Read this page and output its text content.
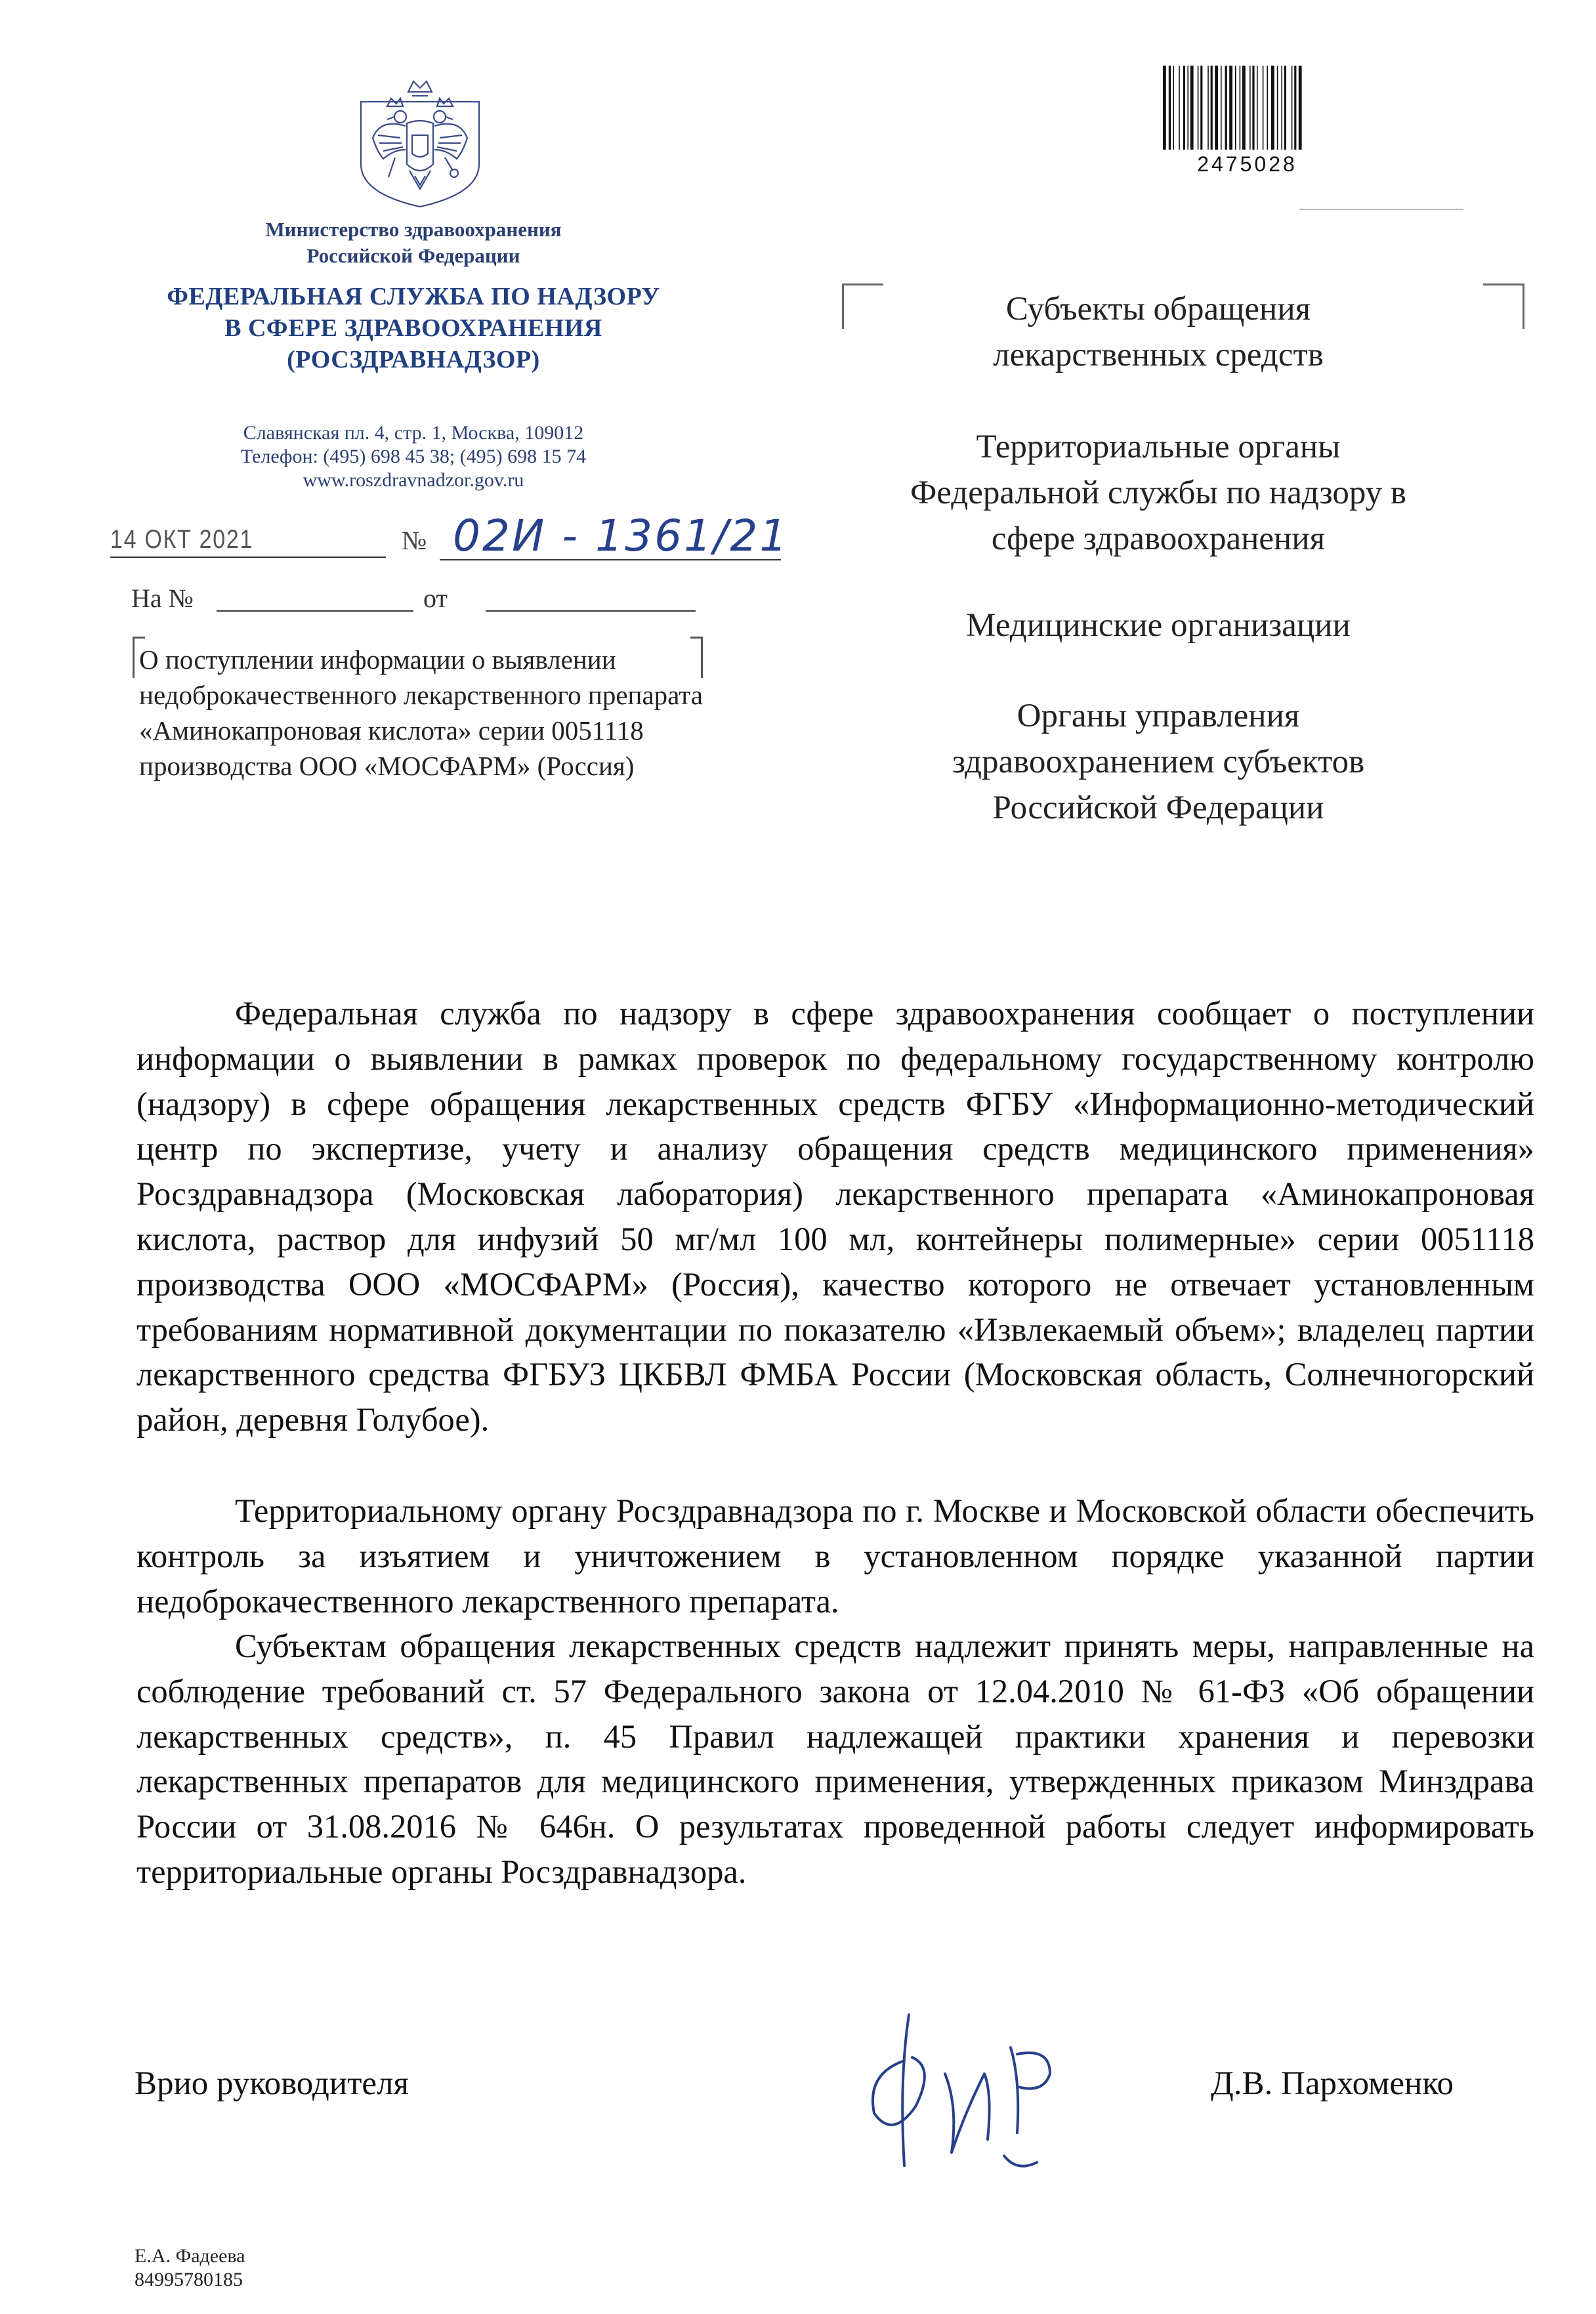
Министерство здравоохранения
Российской Федерации
ФЕДЕРАЛЬНАЯ СЛУЖБА ПО НАДЗОРУ
В СФЕРЕ ЗДРАВООХРАНЕНИЯ
(РОСЗДРАВНАДЗОР)
Славянская пл. 4, стр. 1, Москва, 109012
Телефон: (495) 698 45 38; (495) 698 15 74
www.roszdravnadzor.gov.ru
14 ОКТ 2021	№ 02И - 1361/21
На №	от
О поступлении информации о выявлении
недоброкачественного лекарственного препарата
«Аминокапроновая кислота» серии 0051118
производства ООО «МОСФАРМ» (Россия)
2475028
Субъекты обращения
лекарственных средств
Территориальные органы
Федеральной службы по надзору в
сфере здравоохранения
Медицинские организации
Органы управления
здравоохранением субъектов
Российской Федерации
Федеральная служба по надзору в сфере здравоохранения сообщает о поступлении информации о выявлении в рамках проверок по федеральному государственному контролю (надзору) в сфере обращения лекарственных средств ФГБУ «Информационно-методический центр по экспертизе, учету и анализу обращения средств медицинского применения» Росздравнадзора (Московская лаборатория) лекарственного препарата «Аминокапроновая кислота, раствор для инфузий 50 мг/мл 100 мл, контейнеры полимерные» серии 0051118 производства ООО «МОСФАРМ» (Россия), качество которого не отвечает установленным требованиям нормативной документации по показателю «Извлекаемый объем»; владелец партии лекарственного средства ФГБУЗ ЦКБВЛ ФМБА России (Московская область, Солнечногорский район, деревня Голубое).
Территориальному органу Росздравнадзора по г. Москве и Московской области обеспечить контроль за изъятием и уничтожением в установленном порядке указанной партии недоброкачественного лекарственного препарата.
Субъектам обращения лекарственных средств надлежит принять меры, направленные на соблюдение требований ст. 57 Федерального закона от 12.04.2010 № 61-ФЗ «Об обращении лекарственных средств», п. 45 Правил надлежащей практики хранения и перевозки лекарственных препаратов для медицинского применения, утвержденных приказом Минздрава России от 31.08.2016 № 646н. О результатах проведенной работы следует информировать территориальные органы Росздравнадзора.
Врио руководителя	Д.В. Пархоменко
Е.А. Фадеева
84995780185
